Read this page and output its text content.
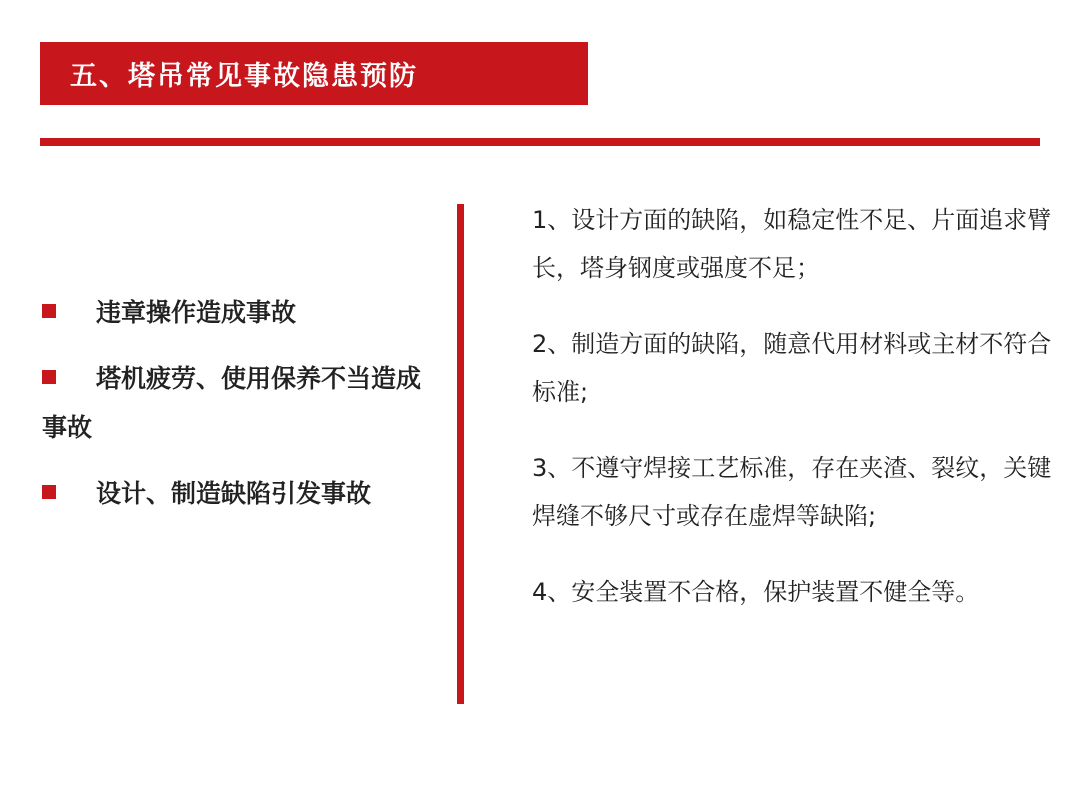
五、塔吊常见事故隐患预防
违章操作造成事故
塔机疲劳、使用保养不当造成事故
设计、制造缺陷引发事故
1、设计方面的缺陷，如稳定性不足、片面追求臂长，塔身钢度或强度不足；
2、制造方面的缺陷，随意代用材料或主材不符合标准;
3、不遵守焊接工艺标准，存在夹渣、裂纹，关键焊缝不够尺寸或存在虚焊等缺陷;
4、安全装置不合格，保护装置不健全等。
